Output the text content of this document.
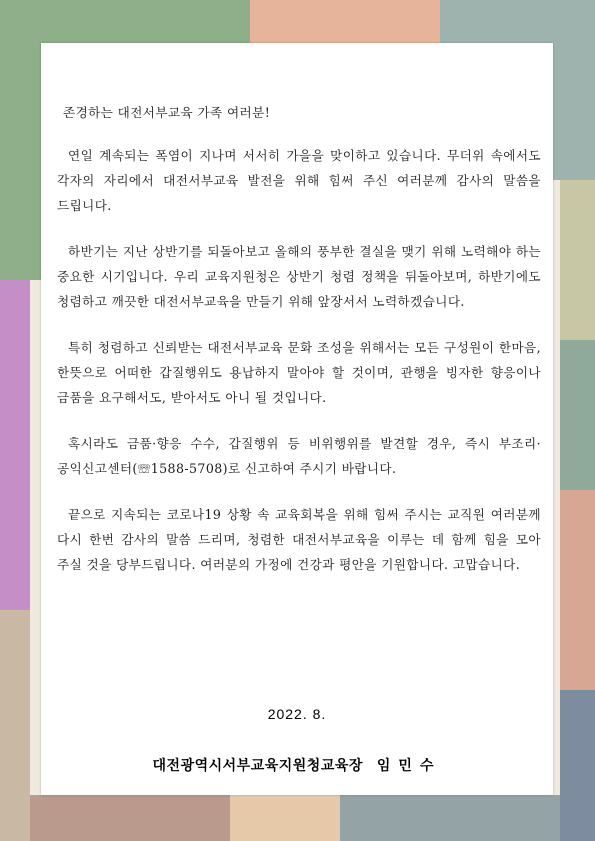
존경하는 대전서부교육 가족 여러분!

연일 계속되는 폭염이 지나며 서서히 가을을 맞이하고 있습니다. 무더위 속에서도 각자의 자리에서 대전서부교육 발전을 위해 힘써 주신 여러분께 감사의 말씀을 드립니다.

하반기는 지난 상반기를 되돌아보고 올해의 풍부한 결실을 맺기 위해 노력해야 하는 중요한 시기입니다. 우리 교육지원청은 상반기 청렴 정책을 뒤돌아보며, 하반기에도 청렴하고 깨끗한 대전서부교육을 만들기 위해 앞장서서 노력하겠습니다.

특히 청렴하고 신뢰받는 대전서부교육 문화 조성을 위해서는 모든 구성원이 한마음, 한뜻으로 어떠한 갑질행위도 용납하지 말아야 할 것이며, 관행을 빙자한 향응이나 금품을 요구해서도, 받아서도 아니 될 것입니다.

혹시라도 금품·향응 수수, 갑질행위 등 비위행위를 발견할 경우, 즉시 부조리·공익신고센터(☏1588-5708)로 신고하여 주시기 바랍니다.

끝으로 지속되는 코로나19 상황 속 교육회복을 위해 힘써 주시는 교직원 여러분께 다시 한번 감사의 말씀 드리며, 청렴한 대전서부교육을 이루는 데 함께 힘을 모아 주실 것을 당부드립니다. 여러분의 가정에 건강과 평안을 기원합니다. 고맙습니다.

2022. 8.
대전광역시서부교육지원청교육장 임민수
